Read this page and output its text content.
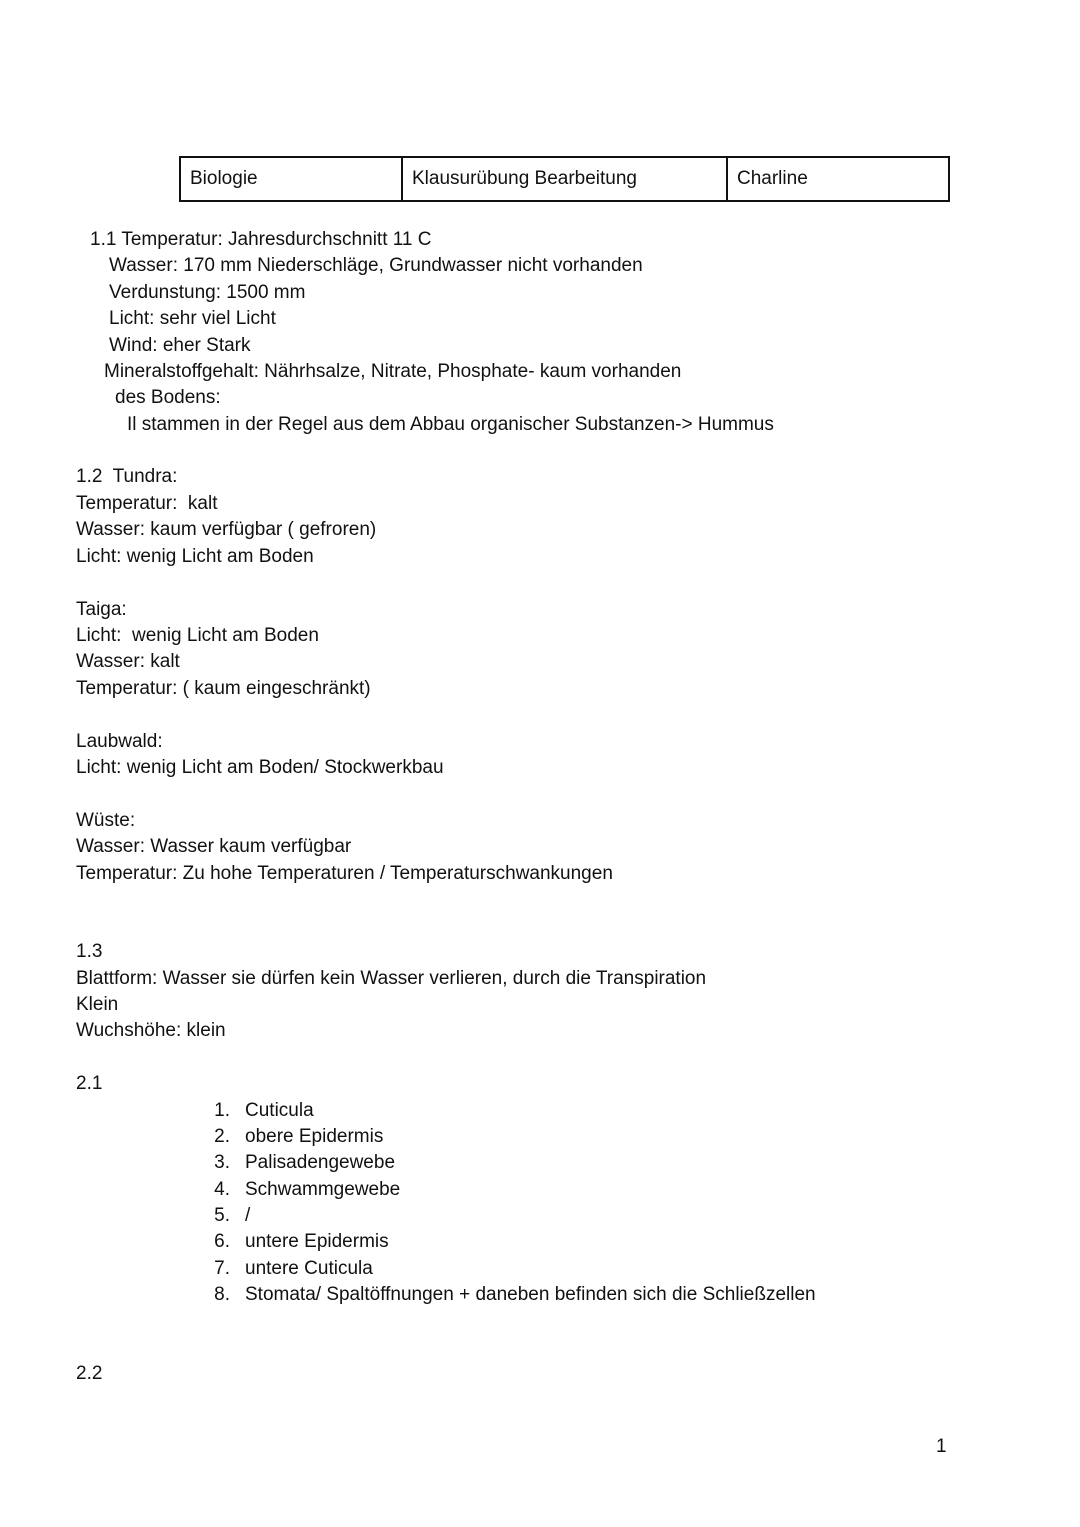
Biologie	Klausurübung Bearbeitung	Charline
1.1 Temperatur: Jahresdurchschnitt 11 C
Wasser: 170 mm Niederschläge, Grundwasser nicht vorhanden
Verdunstung: 1500 mm
Licht: sehr viel Licht
Wind: eher Stark
Mineralstoffgehalt: Nährhsalze, Nitrate, Phosphate- kaum vorhanden
des Bodens:
Il stammen in der Regel aus dem Abbau organischer Substanzen-> Hummus
1.2  Tundra:
Temperatur:  kalt
Wasser: kaum verfügbar ( gefroren)
Licht: wenig Licht am Boden
Taiga:
Licht:  wenig Licht am Boden
Wasser: kalt
Temperatur: ( kaum eingeschränkt)
Laubwald:
Licht: wenig Licht am Boden/ Stockwerkbau
Wüste:
Wasser: Wasser kaum verfügbar
Temperatur: Zu hohe Temperaturen / Temperaturschwankungen
1.3
Blattform: Wasser sie dürfen kein Wasser verlieren, durch die Transpiration
Klein
Wuchshöhe: klein
2.1
1. Cuticula
2. obere Epidermis
3. Palisadengewebe
4. Schwammgewebe
5. /
6. untere Epidermis
7. untere Cuticula
8. Stomata/ Spaltöffnungen + daneben befinden sich die Schließzellen
2.2
1
